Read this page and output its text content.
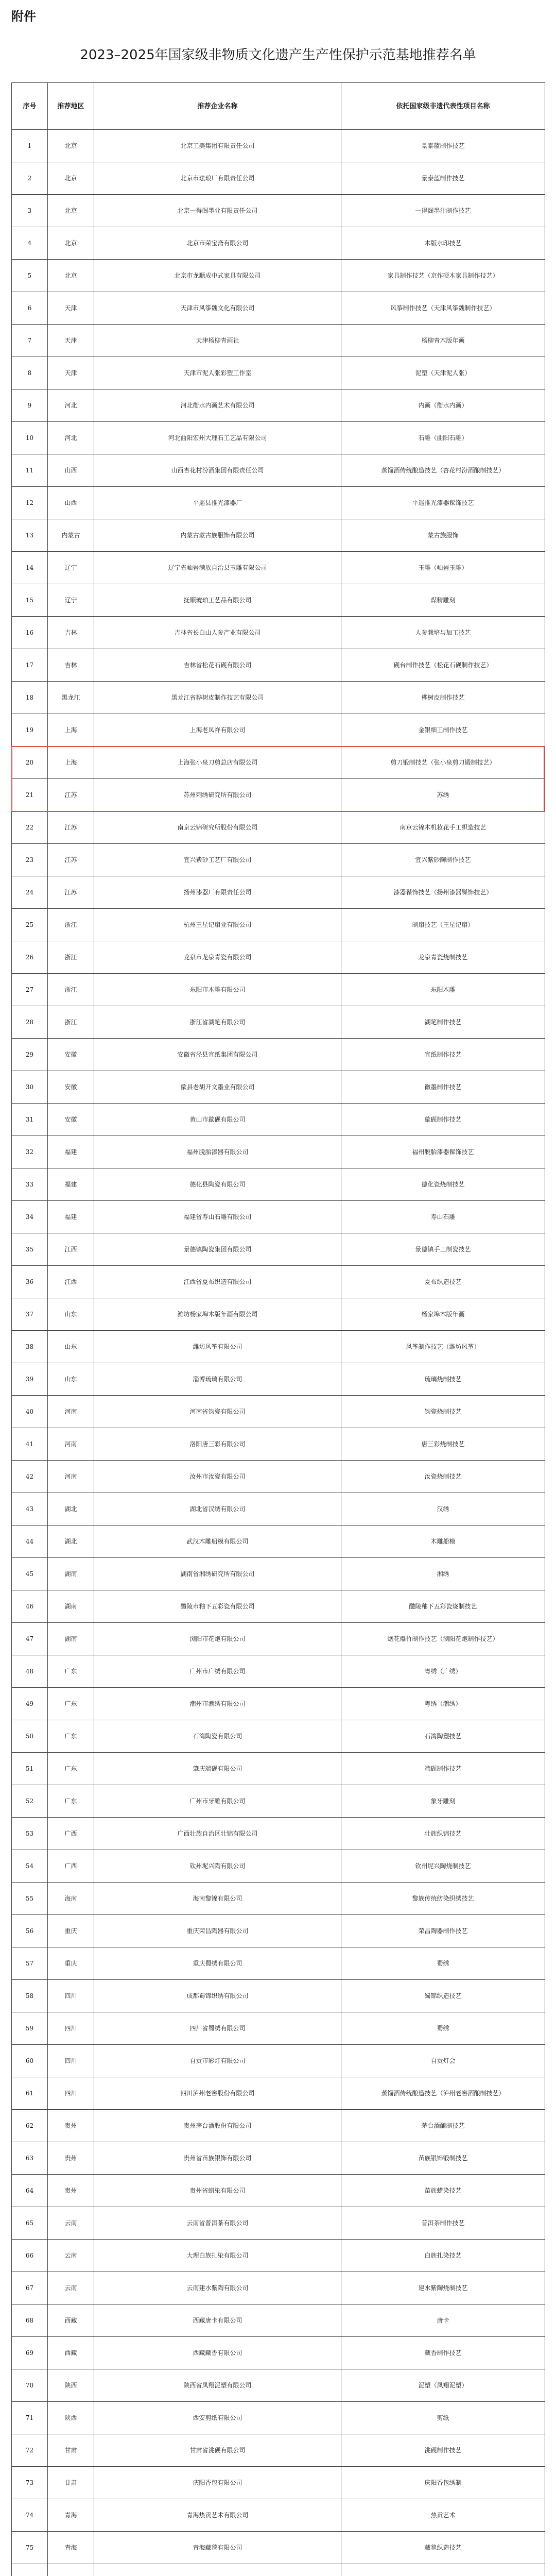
附件
2023–2025年国家级非物质文化遗产生产性保护示范基地推荐名单
序号	推荐地区	推荐企业名称	依托国家级非遗代表性项目名称
1	北京	北京工美集团有限责任公司	景泰蓝制作技艺
2	北京	北京市珐琅厂有限责任公司	景泰蓝制作技艺
3	北京	北京一得阁墨业有限责任公司	一得阁墨汁制作技艺
4	北京	北京市荣宝斋有限公司	木版水印技艺
5	北京	北京市龙顺成中式家具有限公司	家具制作技艺（京作硬木家具制作技艺）
6	天津	天津市风筝魏文化有限公司	风筝制作技艺（天津风筝魏制作技艺）
7	天津	天津杨柳青画社	杨柳青木版年画
8	天津	天津市泥人张彩塑工作室	泥塑（天津泥人张）
9	河北	河北衡水内画艺术有限公司	内画（衡水内画）
10	河北	河北曲阳宏州大理石工艺品有限公司	石雕（曲阳石雕）
11	山西	山西杏花村汾酒集团有限责任公司	蒸馏酒传统酿造技艺（杏花村汾酒酿制技艺）
12	山西	平遥县推光漆器厂	平遥推光漆器髹饰技艺
13	内蒙古	内蒙古蒙古族服饰有限公司	蒙古族服饰
14	辽宁	辽宁省岫岩满族自治县玉雕有限公司	玉雕（岫岩玉雕）
15	辽宁	抚顺琥珀工艺品有限公司	煤精雕刻
16	吉林	吉林省长白山人参产业有限公司	人参栽培与加工技艺
17	吉林	吉林省松花石砚有限公司	砚台制作技艺（松花石砚制作技艺）
18	黑龙江	黑龙江省桦树皮制作技艺有限公司	桦树皮制作技艺
19	上海	上海老凤祥有限公司	金银细工制作技艺
20	上海	上海张小泉刀剪总店有限公司	剪刀锻制技艺（张小泉剪刀锻制技艺）
21	江苏	苏州刺绣研究所有限公司	苏绣
22	江苏	南京云锦研究所股份有限公司	南京云锦木机妆花手工织造技艺
23	江苏	宜兴紫砂工艺厂有限公司	宜兴紫砂陶制作技艺
24	江苏	扬州漆器厂有限责任公司	漆器髹饰技艺（扬州漆器髹饰技艺）
25	浙江	杭州王星记扇业有限公司	制扇技艺（王星记扇）
26	浙江	龙泉市龙泉青瓷有限公司	龙泉青瓷烧制技艺
27	浙江	东阳市木雕有限公司	东阳木雕
28	浙江	浙江省湖笔有限公司	湖笔制作技艺
29	安徽	安徽省泾县宣纸集团有限公司	宣纸制作技艺
30	安徽	歙县老胡开文墨业有限公司	徽墨制作技艺
31	安徽	黄山市歙砚有限公司	歙砚制作技艺
32	福建	福州脱胎漆器有限公司	福州脱胎漆器髹饰技艺
33	福建	德化县陶瓷有限公司	德化瓷烧制技艺
34	福建	福建省寿山石雕有限公司	寿山石雕
35	江西	景德镇陶瓷集团有限公司	景德镇手工制瓷技艺
36	江西	江西省夏布织造有限公司	夏布织造技艺
37	山东	潍坊杨家埠木版年画有限公司	杨家埠木版年画
38	山东	潍坊风筝有限公司	风筝制作技艺（潍坊风筝）
39	山东	淄博琉璃有限公司	琉璃烧制技艺
40	河南	河南省钧瓷有限公司	钧瓷烧制技艺
41	河南	洛阳唐三彩有限公司	唐三彩烧制技艺
42	河南	汝州市汝瓷有限公司	汝瓷烧制技艺
43	湖北	湖北省汉绣有限公司	汉绣
44	湖北	武汉木雕船模有限公司	木雕船模
45	湖南	湖南省湘绣研究所有限公司	湘绣
46	湖南	醴陵市釉下五彩瓷有限公司	醴陵釉下五彩瓷烧制技艺
47	湖南	浏阳市花炮有限公司	烟花爆竹制作技艺（浏阳花炮制作技艺）
48	广东	广州市广绣有限公司	粤绣（广绣）
49	广东	潮州市潮绣有限公司	粤绣（潮绣）
50	广东	石湾陶瓷有限公司	石湾陶塑技艺
51	广东	肇庆端砚有限公司	端砚制作技艺
52	广东	广州市牙雕有限公司	象牙雕刻
53	广西	广西壮族自治区壮锦有限公司	壮族织锦技艺
54	广西	钦州坭兴陶有限公司	钦州坭兴陶烧制技艺
55	海南	海南黎锦有限公司	黎族传统纺染织绣技艺
56	重庆	重庆荣昌陶器有限公司	荣昌陶器制作技艺
57	重庆	重庆蜀绣有限公司	蜀绣
58	四川	成都蜀锦织绣有限公司	蜀锦织造技艺
59	四川	四川省蜀绣有限公司	蜀绣
60	四川	自贡市彩灯有限公司	自贡灯会
61	四川	四川泸州老窖股份有限公司	蒸馏酒传统酿造技艺（泸州老窖酒酿制技艺）
62	贵州	贵州茅台酒股份有限公司	茅台酒酿制技艺
63	贵州	贵州省苗族银饰有限公司	苗族银饰锻制技艺
64	贵州	贵州省蜡染有限公司	苗族蜡染技艺
65	云南	云南省普洱茶有限公司	普洱茶制作技艺
66	云南	大理白族扎染有限公司	白族扎染技艺
67	云南	云南建水紫陶有限公司	建水紫陶烧制技艺
68	西藏	西藏唐卡有限公司	唐卡
69	西藏	西藏藏香有限公司	藏香制作技艺
70	陕西	陕西省凤翔泥塑有限公司	泥塑（凤翔泥塑）
71	陕西	西安剪纸有限公司	剪纸
72	甘肃	甘肃省洮砚有限公司	洮砚制作技艺
73	甘肃	庆阳香包有限公司	庆阳香包绣制
74	青海	青海热贡艺术有限公司	热贡艺术
75	青海	青海藏毯有限公司	藏毯织造技艺
